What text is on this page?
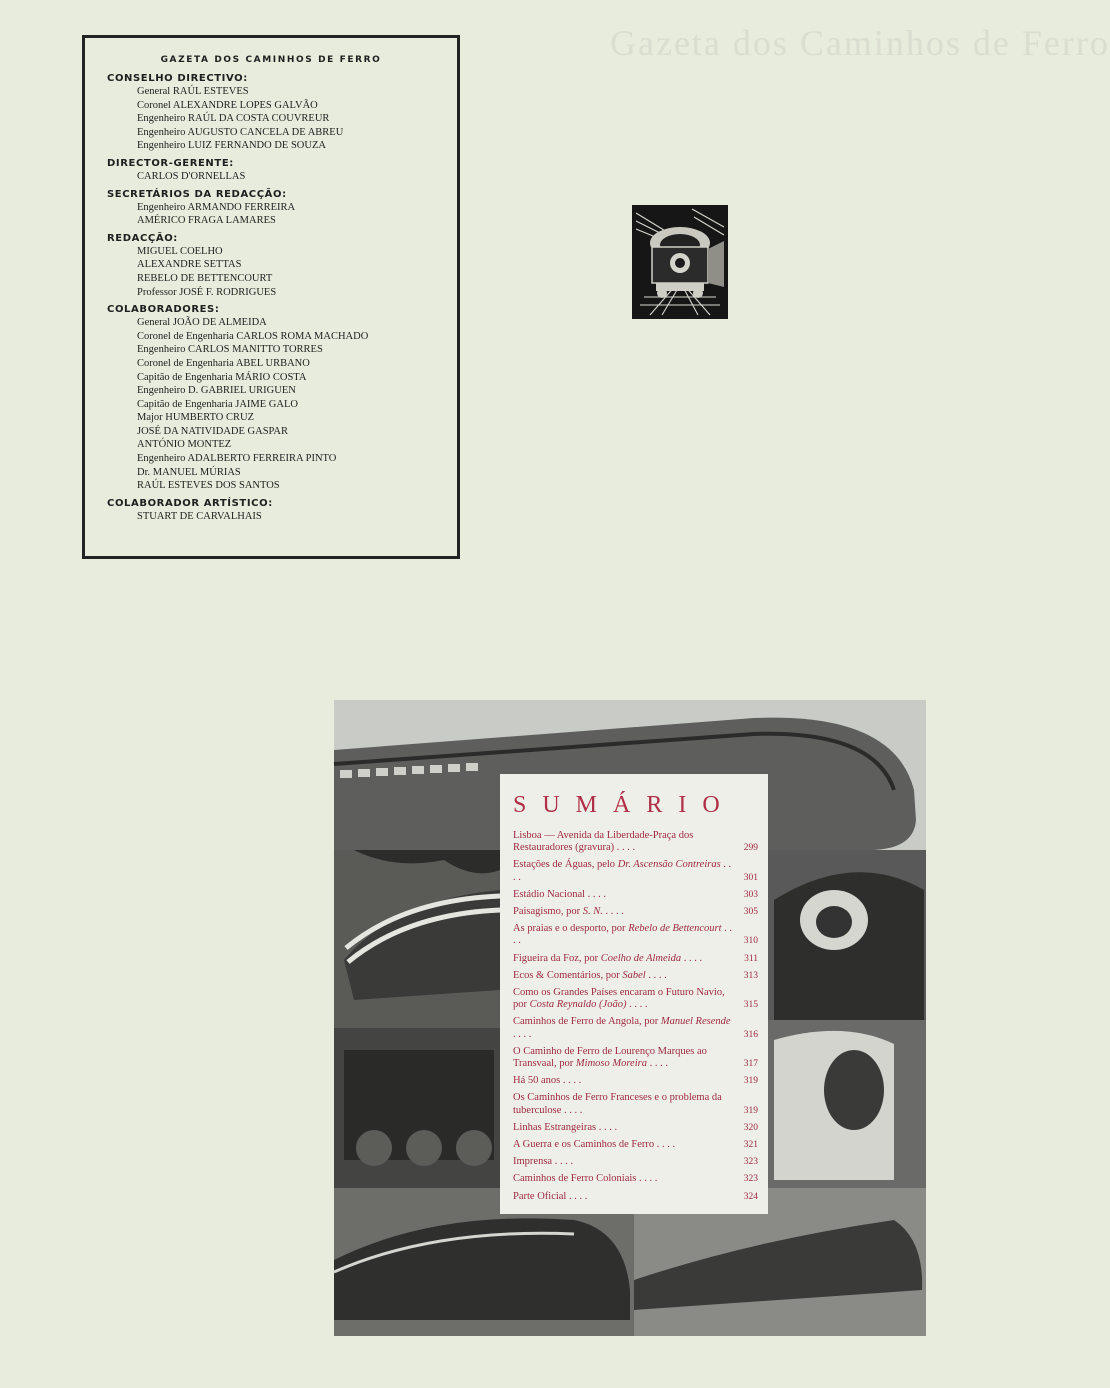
Gazeta dos Caminhos de Ferro
GAZETA DOS CAMINHOS DE FERRO
CONSELHO DIRECTIVO:
General RAÚL ESTEVES
Coronel ALEXANDRE LOPES GALVÃO
Engenheiro RAÚL DA COSTA COUVREUR
Engenheiro AUGUSTO CANCELA DE ABREU
Engenheiro LUIZ FERNANDO DE SOUZA
DIRECTOR-GERENTE:
CARLOS D'ORNELLAS
SECRETÁRIOS DA REDACÇÃO:
Engenheiro ARMANDO FERREIRA
AMÉRICO FRAGA LAMARES
REDACÇÃO:
MIGUEL COELHO
ALEXANDRE SETTAS
REBELO DE BETTENCOURT
Professor JOSÉ F. RODRIGUES
COLABORADORES:
General JOÃO DE ALMEIDA
Coronel de Engenharia CARLOS ROMA MACHADO
Engenheiro CARLOS MANITTO TORRES
Coronel de Engenharia ABEL URBANO
Capitão de Engenharia MÁRIO COSTA
Engenheiro D. GABRIEL URIGUEN
Capitão de Engenharia JAIME GALO
Major HUMBERTO CRUZ
JOSÉ DA NATIVIDADE GASPAR
ANTÓNIO MONTEZ
Engenheiro ADALBERTO FERREIRA PINTO
Dr. MANUEL MÚRIAS
RAÚL ESTEVES DOS SANTOS
COLABORADOR ARTÍSTICO:
STUART DE CARVALHAIS
SUMÁRIO
Lisboa — Avenida da Liberdade-Praça dos Restauradores (gravura) . . . .	299
Estações de Águas, pelo Dr. Ascensão Contreiras . . . .	301
Estádio Nacional . . . .	303
Paisagismo, por S. N. . . . .	305
As praias e o desporto, por Rebelo de Bettencourt . . . .	310
Figueira da Foz, por Coelho de Almeida . . . .	311
Ecos & Comentários, por Sabel . . . .	313
Como os Grandes Países encaram o Futuro Navio, por Costa Reynaldo (João) . . . .	315
Caminhos de Ferro de Angola, por Manuel Resende . . . .	316
O Caminho de Ferro de Lourenço Marques ao Transvaal, por Mimoso Moreira . . . .	317
Há 50 anos . . . .	319
Os Caminhos de Ferro Franceses e o problema da tuberculose . . . .	319
Linhas Estrangeiras . . . .	320
A Guerra e os Caminhos de Ferro . . . .	321
Imprensa . . . .	323
Caminhos de Ferro Coloniais . . . .	323
Parte Oficial . . . .	324
